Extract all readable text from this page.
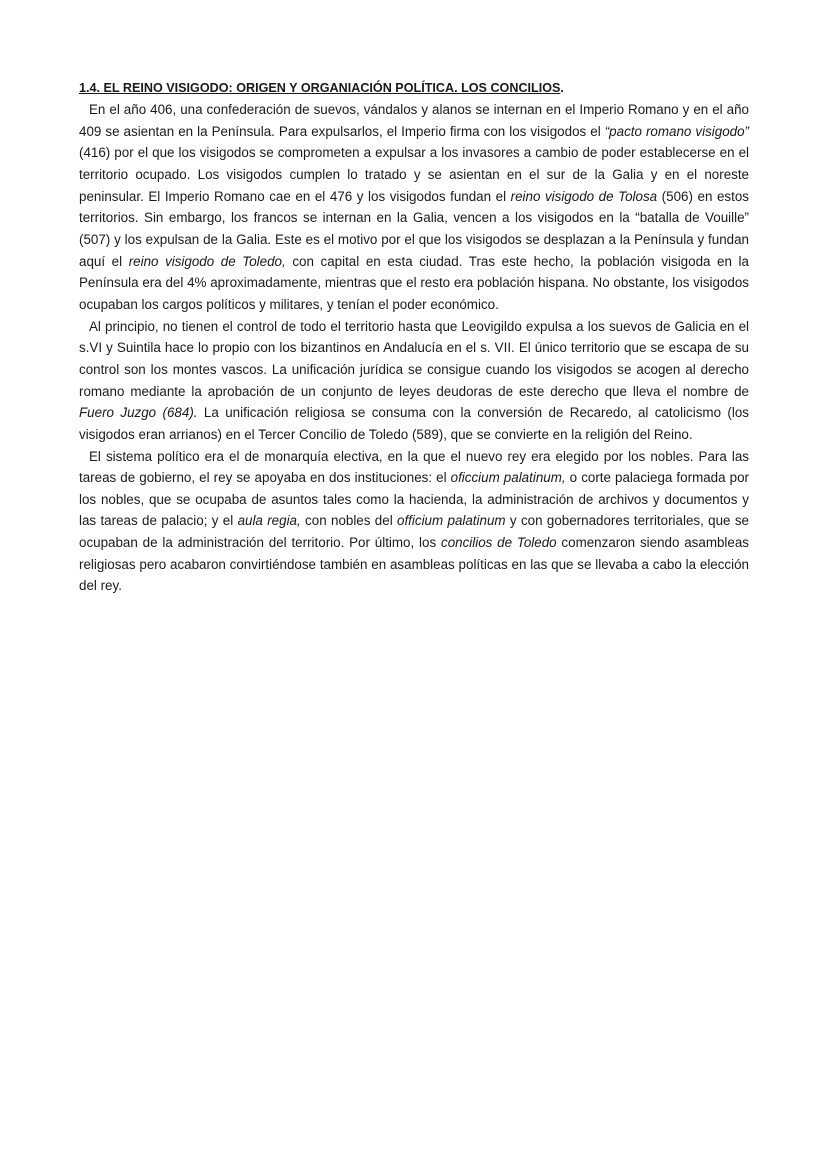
1.4. EL REINO VISIGODO: ORIGEN Y ORGANIACIÓN POLÍTICA. LOS CONCILIOS.

En el año 406, una confederación de suevos, vándalos y alanos se internan en el Imperio Romano y en el año 409 se asientan en la Península. Para expulsarlos, el Imperio firma con los visigodos el “pacto romano visigodo” (416) por el que los visigodos se comprometen a expulsar a los invasores a cambio de poder establecerse en el territorio ocupado. Los visigodos cumplen lo tratado y se asientan en el sur de la Galia y en el noreste peninsular. El Imperio Romano cae en el 476 y los visigodos fundan el reino visigodo de Tolosa (506) en estos territorios. Sin embargo, los francos se internan en la Galia, vencen a los visigodos en la “batalla de Vouille” (507) y los expulsan de la Galia. Este es el motivo por el que los visigodos se desplazan a la Península y fundan aquí el reino visigodo de Toledo, con capital en esta ciudad. Tras este hecho, la población visigoda en la Península era del 4% aproximadamente, mientras que el resto era población hispana. No obstante, los visigodos ocupaban los cargos políticos y militares, y tenían el poder económico.

Al principio, no tienen el control de todo el territorio hasta que Leovigildo expulsa a los suevos de Galicia en el s.VI y Suintila hace lo propio con los bizantinos en Andalucía en el s. VII. El único territorio que se escapa de su control son los montes vascos. La unificación jurídica se consigue cuando los visigodos se acogen al derecho romano mediante la aprobación de un conjunto de leyes deudoras de este derecho que lleva el nombre de Fuero Juzgo (684). La unificación religiosa se consuma con la conversión de Recaredo, al catolicismo (los visigodos eran arrianos) en el Tercer Concilio de Toledo (589), que se convierte en la religión del Reino.

El sistema político era el de monarquía electiva, en la que el nuevo rey era elegido por los nobles. Para las tareas de gobierno, el rey se apoyaba en dos instituciones: el oficcium palatinum, o corte palaciega formada por los nobles, que se ocupaba de asuntos tales como la hacienda, la administración de archivos y documentos y las tareas de palacio; y el aula regia, con nobles del officium palatinum y con gobernadores territoriales, que se ocupaban de la administración del territorio. Por último, los concilios de Toledo comenzaron siendo asambleas religiosas pero acabaron convirtiéndose también en asambleas políticas en las que se llevaba a cabo la elección del rey.
